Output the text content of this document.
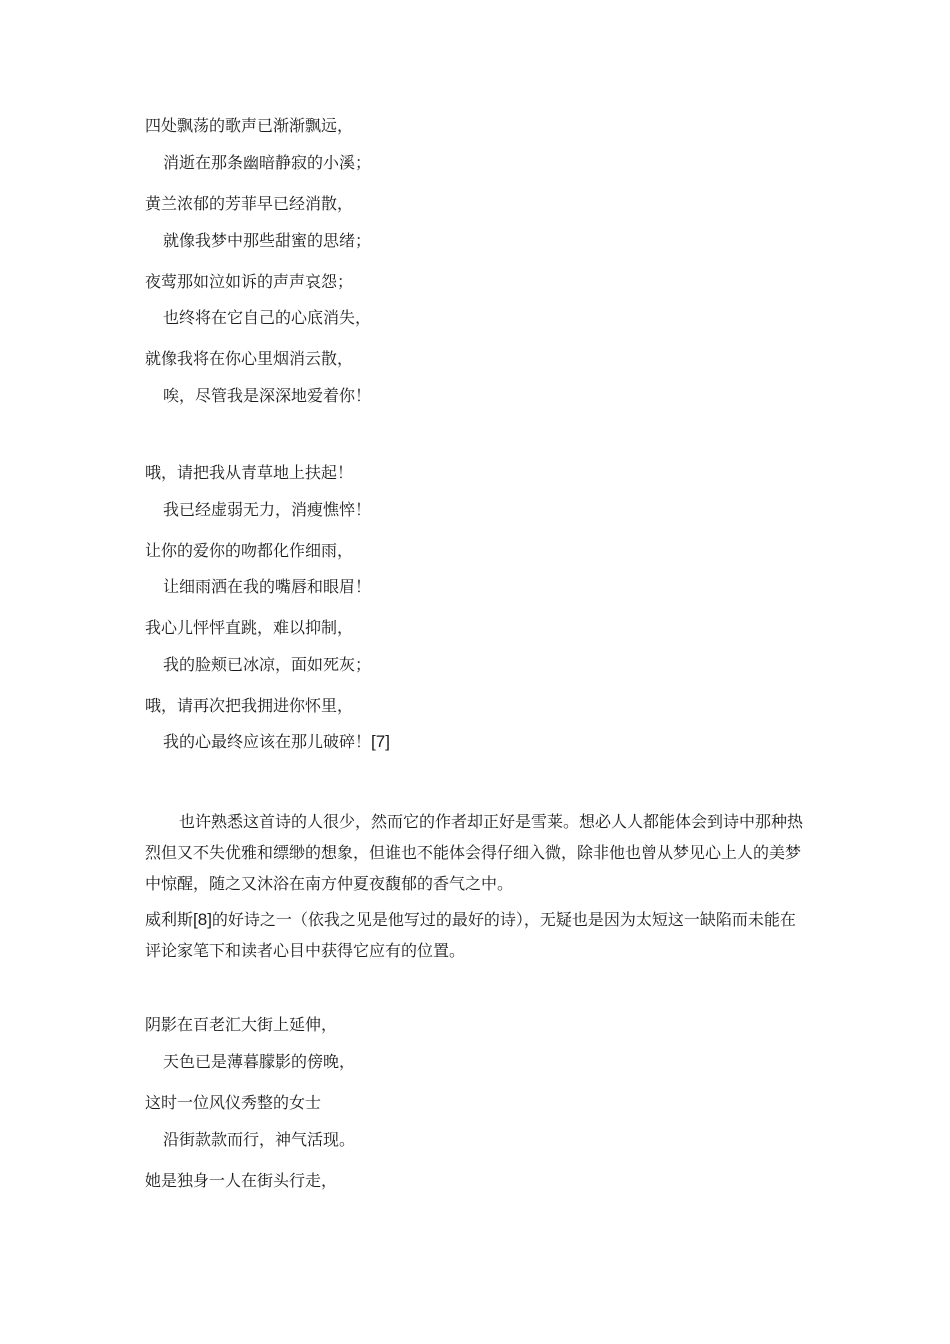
四处飘荡的歌声已渐渐飘远，
消逝在那条幽暗静寂的小溪；
黄兰浓郁的芳菲早已经消散，
就像我梦中那些甜蜜的思绪；
夜莺那如泣如诉的声声哀怨；
也终将在它自己的心底消失，
就像我将在你心里烟消云散，
唉，尽管我是深深地爱着你！
哦，请把我从青草地上扶起！
我已经虚弱无力，消瘦憔悴！
让你的爱你的吻都化作细雨，
让细雨洒在我的嘴唇和眼眉！
我心儿怦怦直跳，难以抑制，
我的脸颊已冰凉，面如死灰；
哦，请再次把我拥进你怀里，
我的心最终应该在那儿破碎！[7]
也许熟悉这首诗的人很少，然而它的作者却正好是雪莱。想必人人都能体会到诗中那种热烈但又不失优雅和缥缈的想象，但谁也不能体会得仔细入微，除非他也曾从梦见心上人的美梦中惊醒，随之又沐浴在南方仲夏夜馥郁的香气之中。
威利斯[8]的好诗之一（依我之见是他写过的最好的诗），无疑也是因为太短这一缺陷而未能在评论家笔下和读者心目中获得它应有的位置。
阴影在百老汇大街上延伸，
天色已是薄暮朦影的傍晚，
这时一位风仪秀整的女士
沿街款款而行，神气活现。
她是独身一人在街头行走，
